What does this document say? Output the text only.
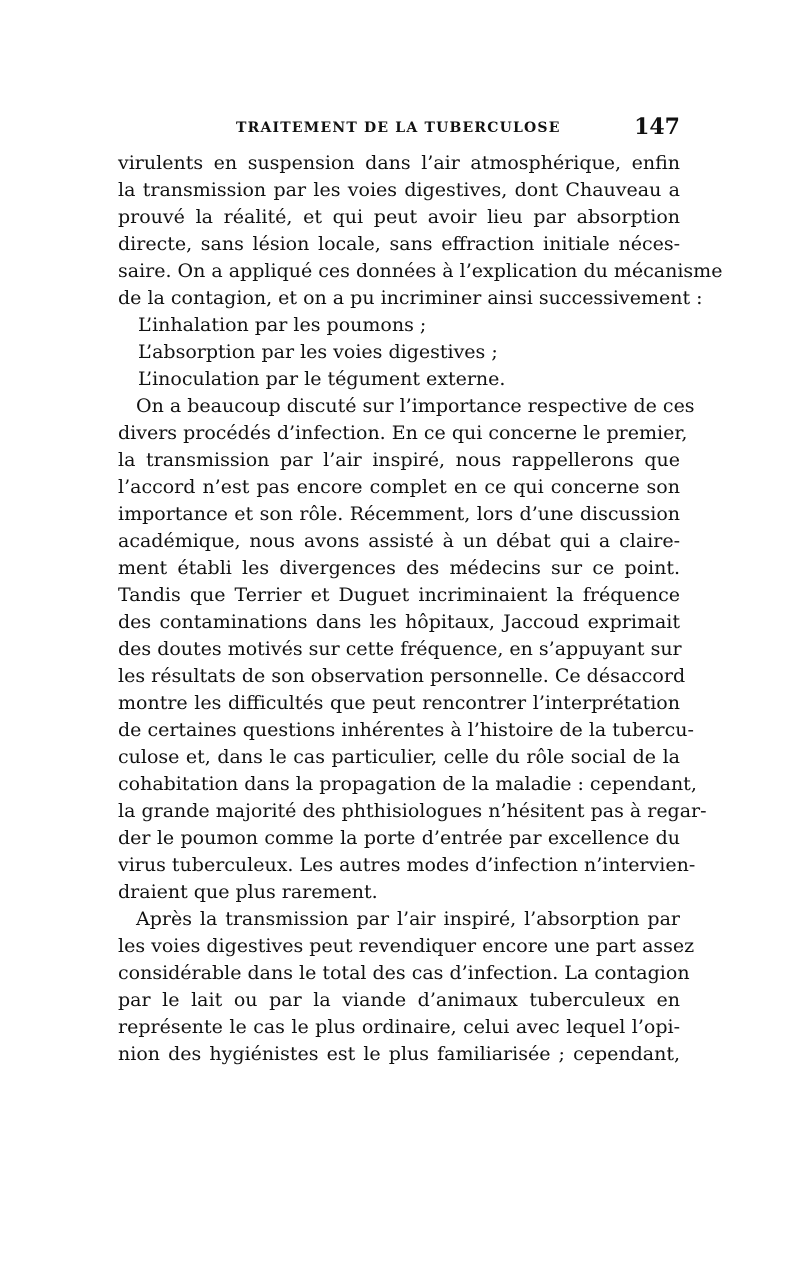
TRAITEMENT DE LA TUBERCULOSE	147
virulents en suspension dans l’air atmosphérique, enfin
la transmission par les voies digestives, dont Chauveau a
prouvé la réalité, et qui peut avoir lieu par absorption
directe, sans lésion locale, sans effraction initiale néces-
saire. On a appliqué ces données à l’explication du mécanisme
de la contagion, et on a pu incriminer ainsi successivement :
L’inhalation par les poumons ;
L’absorption par les voies digestives ;
L’inoculation par le tégument externe.
On a beaucoup discuté sur l’importance respective de ces
divers procédés d’infection. En ce qui concerne le premier,
la transmission par l’air inspiré, nous rappellerons que
l’accord n’est pas encore complet en ce qui concerne son
importance et son rôle. Récemment, lors d’une discussion
académique, nous avons assisté à un débat qui a claire-
ment établi les divergences des médecins sur ce point.
Tandis que Terrier et Duguet incriminaient la fréquence
des contaminations dans les hôpitaux, Jaccoud exprimait
des doutes motivés sur cette fréquence, en s’appuyant sur
les résultats de son observation personnelle. Ce désaccord
montre les difficultés que peut rencontrer l’interprétation
de certaines questions inhérentes à l’histoire de la tubercu-
culose et, dans le cas particulier, celle du rôle social de la
cohabitation dans la propagation de la maladie : cependant,
la grande majorité des phthisiologues n’hésitent pas à regar-
der le poumon comme la porte d’entrée par excellence du
virus tuberculeux. Les autres modes d’infection n’intervien-
draient que plus rarement.
Après la transmission par l’air inspiré, l’absorption par
les voies digestives peut revendiquer encore une part assez
considérable dans le total des cas d’infection. La contagion
par le lait ou par la viande d’animaux tuberculeux en
représente le cas le plus ordinaire, celui avec lequel l’opi-
nion des hygiénistes est le plus familiarisée ; cependant,
